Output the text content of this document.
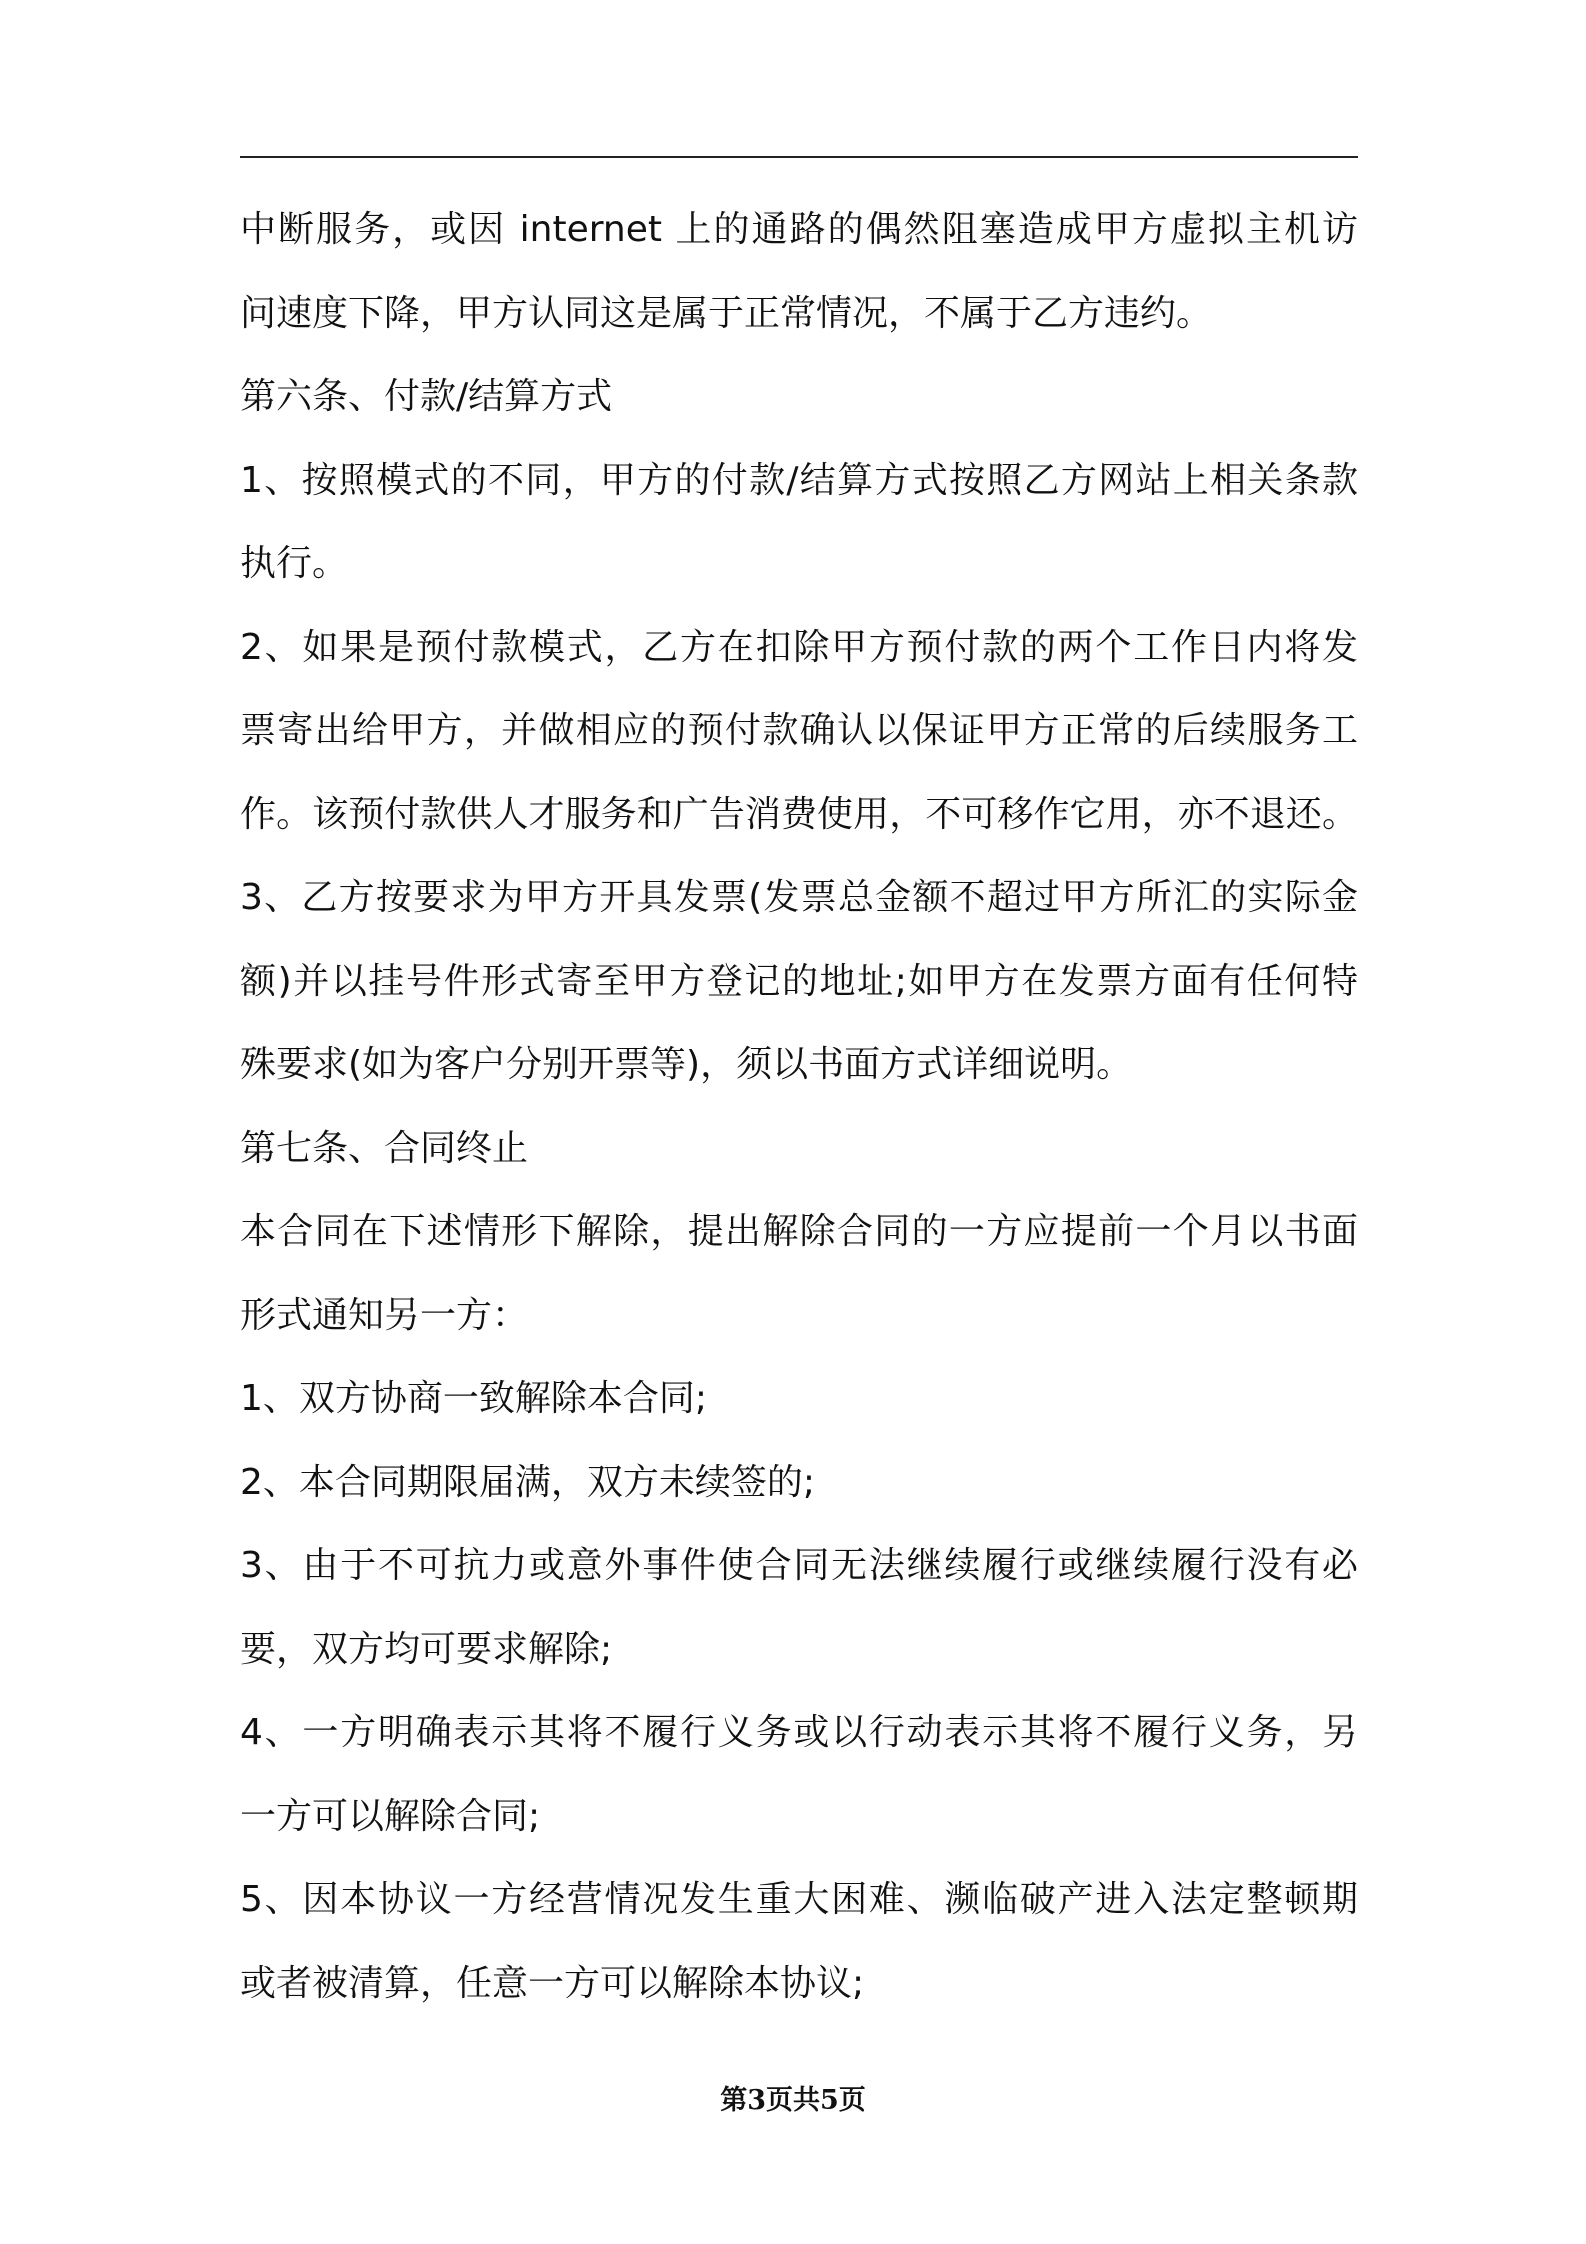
中断服务，或因 internet 上的通路的偶然阻塞造成甲方虚拟主机访
问速度下降，甲方认同这是属于正常情况，不属于乙方违约。
第六条、付款/结算方式
1、按照模式的不同，甲方的付款/结算方式按照乙方网站上相关条款
执行。
2、如果是预付款模式，乙方在扣除甲方预付款的两个工作日内将发
票寄出给甲方，并做相应的预付款确认以保证甲方正常的后续服务工
作。该预付款供人才服务和广告消费使用，不可移作它用，亦不退还。
3、乙方按要求为甲方开具发票(发票总金额不超过甲方所汇的实际金
额)并以挂号件形式寄至甲方登记的地址;如甲方在发票方面有任何特
殊要求(如为客户分别开票等)，须以书面方式详细说明。
第七条、合同终止
本合同在下述情形下解除，提出解除合同的一方应提前一个月以书面
形式通知另一方：
1、双方协商一致解除本合同;
2、本合同期限届满，双方未续签的;
3、由于不可抗力或意外事件使合同无法继续履行或继续履行没有必
要，双方均可要求解除;
4、一方明确表示其将不履行义务或以行动表示其将不履行义务，另
一方可以解除合同;
5、因本协议一方经营情况发生重大困难、濒临破产进入法定整顿期
或者被清算，任意一方可以解除本协议;
第3页共5页
